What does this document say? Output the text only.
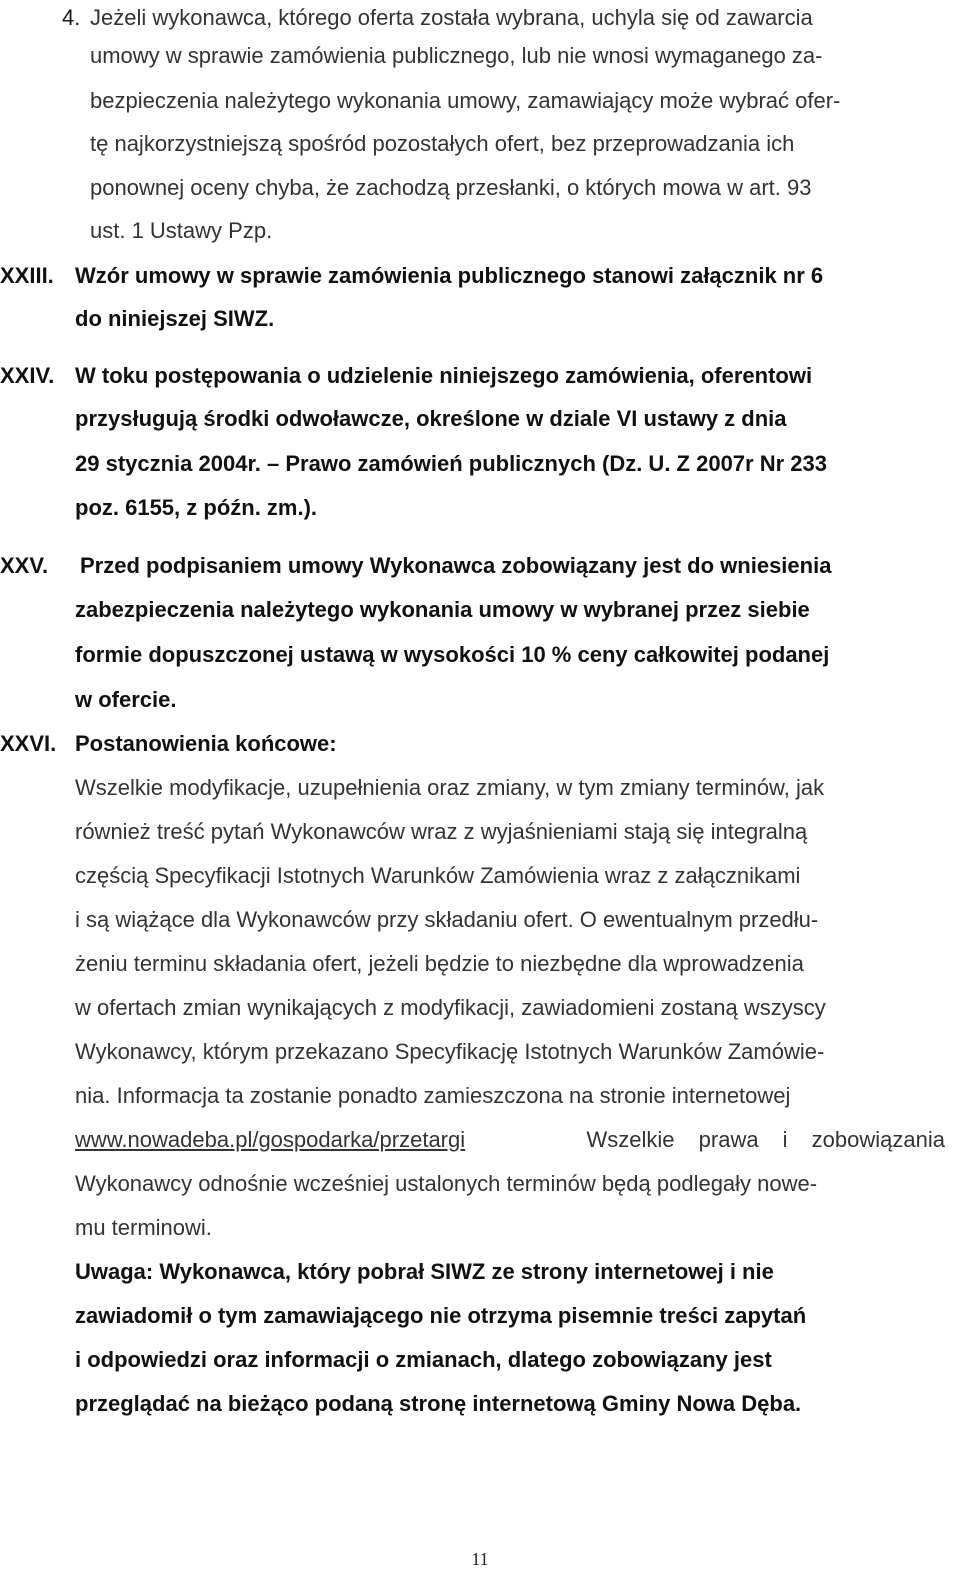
4. Jeżeli wykonawca, którego oferta została wybrana, uchyla się od zawarcia
umowy w sprawie zamówienia publicznego, lub nie wnosi wymaganego za-
bezpieczenia należytego wykonania umowy, zamawiający może wybrać ofer-
tę najkorzystniejszą spośród pozostałych ofert, bez przeprowadzania ich
ponownej oceny chyba, że zachodzą przesłanki, o których mowa w art. 93
ust. 1 Ustawy Pzp.
XXIII. Wzór umowy w sprawie zamówienia publicznego stanowi załącznik nr 6
do niniejszej SIWZ.
XXIV. W toku postępowania o udzielenie niniejszego zamówienia, oferentowi
przysługują środki odwoławcze, określone w dziale VI ustawy z dnia
29 stycznia 2004r. – Prawo zamówień publicznych (Dz. U. Z 2007r Nr 233
poz. 6155, z późn. zm.).
XXV. Przed podpisaniem umowy Wykonawca zobowiązany jest do wniesienia
zabezpieczenia należytego wykonania umowy w wybranej przez siebie
formie dopuszczonej ustawą w wysokości 10 % ceny całkowitej podanej
w ofercie.
XXVI. Postanowienia końcowe:
Wszelkie modyfikacje, uzupełnienia oraz zmiany, w tym zmiany terminów, jak
również treść pytań Wykonawców wraz z wyjaśnieniami stają się integralną
częścią Specyfikacji Istotnych Warunków Zamówienia wraz z załącznikami
i są wiążące dla Wykonawców przy składaniu ofert. O ewentualnym przedłu-
żeniu terminu składania ofert, jeżeli będzie to niezbędne dla wprowadzenia
w ofertach zmian wynikających z modyfikacji, zawiadomieni zostaną wszyscy
Wykonawcy, którym przekazano Specyfikację Istotnych Warunków Zamówie-
nia. Informacja ta zostanie ponadto zamieszczona na stronie internetowej
www.nowadeba.pl/gospodarka/przetargi	Wszelkie prawa i zobowiązania
Wykonawcy odnośnie wcześniej ustalonych terminów będą podlegały nowe-
mu terminowi.
Uwaga: Wykonawca, który pobrał SIWZ ze strony internetowej i nie
zawiadomił o tym zamawiającego nie otrzyma pisemnie treści zapytań
i odpowiedzi oraz informacji o zmianach, dlatego zobowiązany jest
przeglądać na bieżąco podaną stronę internetową Gminy Nowa Dęba.
11
